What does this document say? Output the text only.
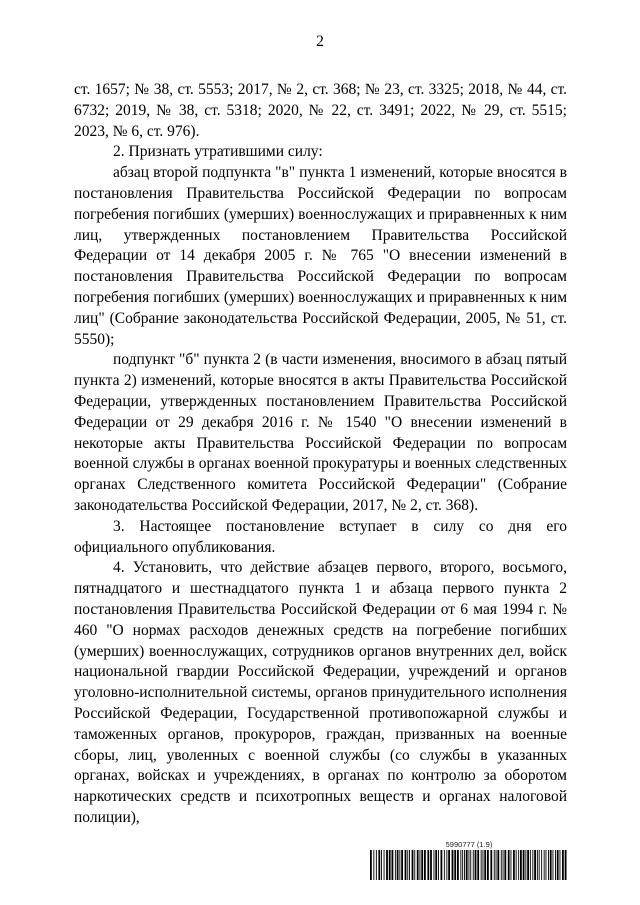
2

ст. 1657; № 38, ст. 5553; 2017, № 2, ст. 368; № 23, ст. 3325; 2018, № 44, ст. 6732; 2019, № 38, ст. 5318; 2020, № 22, ст. 3491; 2022, № 29, ст. 5515; 2023, № 6, ст. 976).

2. Признать утратившими силу:

абзац второй подпункта "в" пункта 1 изменений, которые вносятся в постановления Правительства Российской Федерации по вопросам погребения погибших (умерших) военнослужащих и приравненных к ним лиц, утвержденных постановлением Правительства Российской Федерации от 14 декабря 2005 г. № 765 "О внесении изменений в постановления Правительства Российской Федерации по вопросам погребения погибших (умерших) военнослужащих и приравненных к ним лиц" (Собрание законодательства Российской Федерации, 2005, № 51, ст. 5550);

подпункт "б" пункта 2 (в части изменения, вносимого в абзац пятый пункта 2) изменений, которые вносятся в акты Правительства Российской Федерации, утвержденных постановлением Правительства Российской Федерации от 29 декабря 2016 г. № 1540 "О внесении изменений в некоторые акты Правительства Российской Федерации по вопросам военной службы в органах военной прокуратуры и военных следственных органах Следственного комитета Российской Федерации" (Собрание законодательства Российской Федерации, 2017, № 2, ст. 368).

3. Настоящее постановление вступает в силу со дня его официального опубликования.

4. Установить, что действие абзацев первого, второго, восьмого, пятнадцатого и шестнадцатого пункта 1 и абзаца первого пункта 2 постановления Правительства Российской Федерации от 6 мая 1994 г. № 460 "О нормах расходов денежных средств на погребение погибших (умерших) военнослужащих, сотрудников органов внутренних дел, войск национальной гвардии Российской Федерации, учреждений и органов уголовно-исполнительной системы, органов принудительного исполнения Российской Федерации, Государственной противопожарной службы и таможенных органов, прокуроров, граждан, призванных на военные сборы, лиц, уволенных с военной службы (со службы в указанных органах, войсках и учреждениях, в органах по контролю за оборотом наркотических средств и психотропных веществ и органах налоговой полиции),

5990777 (1.9)
